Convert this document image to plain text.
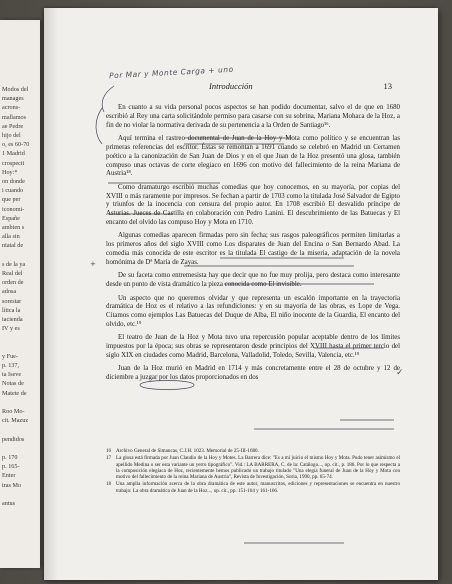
Modos del
manages
acrons-
mallamos
ae Pedre
hijo del
o, es 60-70
1 Madrid
crospecti
Hoy:*
on donde
i cuando
que per
iconomi-
Españe
ambien s
alla sin
ntatal de
s de la ya
Real del
orden de
adosa
sorestar
lítica la
iacienda
IV y es
y Fue-
p. 137,
ta Iseve
Notas de
Matete de
Roo Mo-
cit. Mazuz
pendidos
p. 170
p. 165-
Enter
tras Mo
antus
Por Mar y Monte Carga + uno
Introducción	13

En cuanto a su vida personal pocos aspectos se han podido documentar, salvo el de que en 1680 escribió al Rey una carta solicitándole permiso para casarse con su sobrina, Mariana Mohaca de la Hoz, a fin de no violar la normativa derivada de su pertenencia a la Orden de Santiago¹⁶.

Aquí termina el rastreo documental de Juan de la Hoy y Mota como político y se encuentran las primeras referencias del escritor. Éstas se remontan a 1691 cuando se celebró en Madrid un Certamen poético a la canonización de San Juan de Dios y en el que Juan de la Hoz presentó una glosa, también compuso unas octavas de corte elegiaco en 1696 con motivo del fallecimiento de la reina Mariana de Austria¹⁸.

Como dramaturgo escribió muchas comedias que hoy conocemos, en su mayoría, por copias del XVIII o más raramente por impresos. Se fechan a partir de 1703 como la titulada José Salvador de Egipto y triunfos de la inocencia con censura del propio autor. En 1708 escribió El desvalido príncipe de Asturias. Jueces de Castilla en colaboración con Pedro Lanini. El descubrimiento de las Batuecas y El encanto del olvido las compuso Hoy y Mota en 1710.

Algunas comedias aparecen firmadas pero sin fecha; sus rasgos paleográficos permiten limitarlas a los primeros años del siglo XVIII como Los disparates de Juan del Encina o San Bernardo Abad. La comedia más conocida de este escritor es la titulada El castigo de la miseria, adaptación de la novela homónima de Dª María de Zayas.

De su faceta como entremesista hay que decir que no fue muy prolija, pero destaca como interesante desde un punto de vista dramático la pieza conocida como El invisible.

Un aspecto que no queremos olvidar y que representa un escalón importante en la trayectoria dramática de Hoz es el relativo a las refundiciones: y en su mayoría de las obras, es Lope de Vega. Citamos como ejemplos Las Batuecas del Duque de Alba, El niño inocente de la Guardia, El encanto del olvido, etc.¹⁹

El teatro de Juan de la Hoz y Mota tuvo una repercusión popular aceptable dentro de los límites impuestos por la época; sus obras se representaron desde principios del XVIII hasta el primer tercio del siglo XIX en ciudades como Madrid, Barcelona, Valladolid, Toledo, Sevilla, Valencia, etc.¹⁹

Juan de la Hoz murió en Madrid en 1714 y más concretamente entre el 28 de octubre y 12 de diciembre a juzgar por los datos proporcionados en dos

16 Archivo General de Simancas, C.J.H. 1023. Memorial de 25-III-1680.
17 La glosa está firmada por Juan Claudio de la Hoy y Motes. La Barrera dice: "Es a mi juicio el mismo Hoy y Mota. Pudo tener asimismo el apellido Medina o ser esta variante un yerro tipográfico". Vid.: LA BARRERA, C. de la: Catálogo..., op. cit., p. 186. Por lo que respecta a la composición elegíaca de Hoz, recientemente hemos publicado un trabajo titulado "Una elegía funeral de Juan de la Hoy y Mota con motivo del fallecimiento de la reina Mariana de Austria", Revista de Investigación, Soria, 1990, pp. 65-74.
18 Una amplia información acerca de la obra dramática de este autor, manuscritos, ediciones y representaciones se encuentra en nuestro trabajo: La obra dramática de Juan de la Hoz..., op. cit., pp. 151-164 y 161-166.
✓
+
